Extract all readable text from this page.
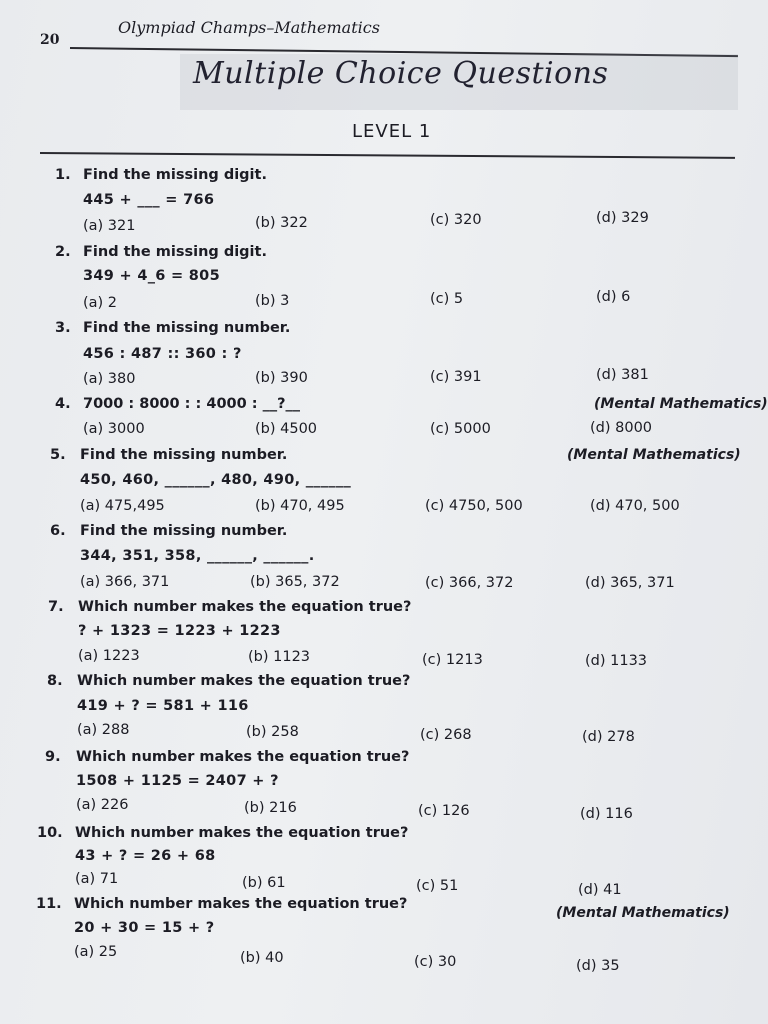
20
Olympiad Champs–Mathematics
Multiple Choice Questions
LEVEL 1
1. Find the missing digit.
445 + ___ = 766
(a) 321	(b) 322	(c) 320	(d) 329
2. Find the missing digit.
349 + 4_6 = 805
(a) 2	(b) 3	(c) 5	(d) 6
3. Find the missing number.
456 : 487 :: 360 : ?
(a) 380	(b) 390	(c) 391	(d) 381
4. 7000 : 8000 : : 4000 : __?__	(Mental Mathematics)
(a) 3000	(b) 4500	(c) 5000	(d) 8000
5. Find the missing number.	(Mental Mathematics)
450, 460, ______, 480, 490, ______
(a) 475,495	(b) 470, 495	(c) 4750, 500	(d) 470, 500
6. Find the missing number.
344, 351, 358, ______, ______.
(a) 366, 371	(b) 365, 372	(c) 366, 372	(d) 365, 371
7. Which number makes the equation true?
? + 1323 = 1223 + 1223
(a) 1223	(b) 1123	(c) 1213	(d) 1133
8. Which number makes the equation true?
419 + ? = 581 + 116
(a) 288	(b) 258	(c) 268	(d) 278
9. Which number makes the equation true?
1508 + 1125 = 2407 + ?
(a) 226	(b) 216	(c) 126	(d) 116
10. Which number makes the equation true?
43 + ? = 26 + 68
(a) 71	(b) 61	(c) 51	(d) 41
11. Which number makes the equation true?
(Mental Mathematics)
20 + 30 = 15 + ?
(a) 25	(b) 40	(c) 30	(d) 35
